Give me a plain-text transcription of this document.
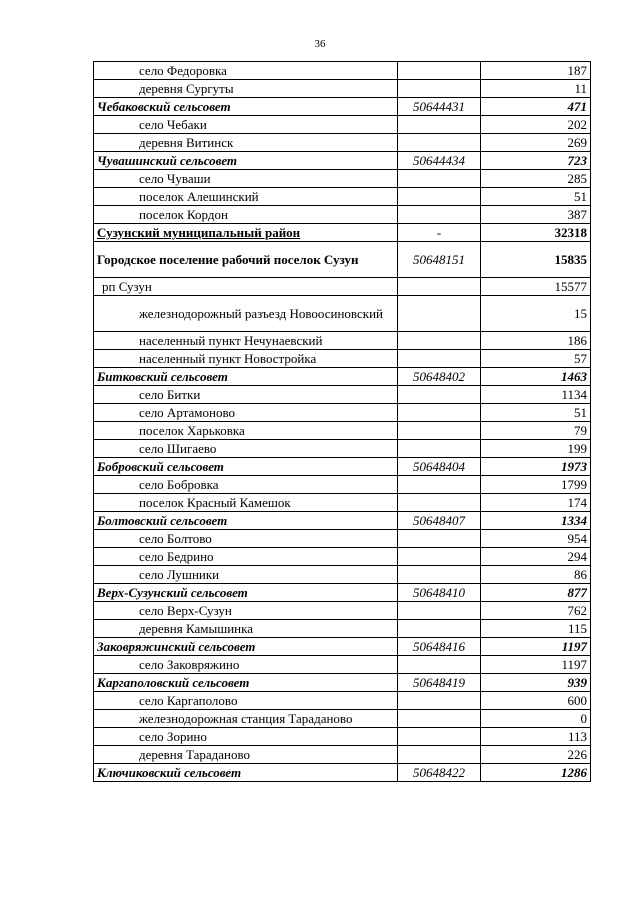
36
село Федоровка		187
деревня Сургуты		11
Чебаковский сельсовет	50644431	471
село Чебаки		202
деревня Витинск		269
Чувашинский сельсовет	50644434	723
село Чуваши		285
поселок Алешинский		51
поселок Кордон		387
Сузунский муниципальный район	-	32318
Городское поселение рабочий поселок Сузун	50648151	15835
рп Сузун		15577
железнодорожный разъезд Новоосиновский		15
населенный пункт Нечунаевский		186
населенный пункт Новостройка		57
Битковский сельсовет	50648402	1463
село Битки		1134
село Артамоново		51
поселок Харьковка		79
село Шигаево		199
Бобровский сельсовет	50648404	1973
село Бобровка		1799
поселок Красный Камешок		174
Болтовский сельсовет	50648407	1334
село Болтово		954
село Бедрино		294
село Лушники		86
Верх-Сузунский сельсовет	50648410	877
село Верх-Сузун		762
деревня Камышинка		115
Заковряжинский сельсовет	50648416	1197
село Заковряжино		1197
Каргаполовский сельсовет	50648419	939
село Каргаполово		600
железнодорожная станция Тараданово		0
село Зорино		113
деревня Тараданово		226
Ключиковский сельсовет	50648422	1286
